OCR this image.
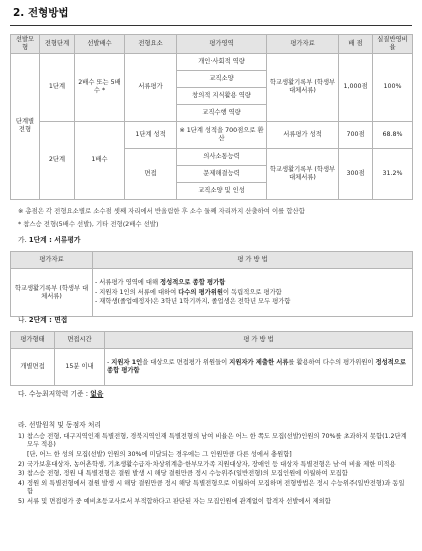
2. 전형방법
선발모형	전형단계	선발배수	전형요소	평가영역	평가자료	배 점	실질반영비율
단계별 전형	1단계	2배수 또는 5배수 *	서류평가	개인·사회적 역량	학교생활기록부 (학생부 대체서류)	1,000점	100%
				교직소양			
				창의적 지식활용 역량			
				교직수행 역량			
	2단계	1배수	1단계 성적	※ 1단계 성적을 700점으로 환산	서류평가 성적	700점	68.8%
			면접	의사소통능력	학교생활기록부 (학생부 대체서류)	300점	31.2%
				문제해결능력			
				교직소양 및 인성			
※ 총점은 각 전형요소별로 소수점 셋째 자리에서 반올림한 후 소수 둘째 자리까지 산출하여 이를 합산함
* 참스승 전형(5배수 선발), 기타 전형(2배수 선발)
가. 1단계 : 서류평가
평가자료	평 가 방 법
학교생활기록부 (학생부 대체서류)	- 서류평가 영역에 대해 정성적으로 종합 평가함
- 지원자 1인의 서류에 대하여 다수의 평가위원이 독립적으로 평가함
- 재학생(졸업예정자)은 3학년 1학기까지, 졸업생은 전학년 모두 평가함
나. 2단계 : 면접
평가형태	면접시간	평 가 방 법
개별면접	15분 이내	- 지원자 1인을 대상으로 면접평가 위원들이 지원자가 제출한 서류를 활용하여 다수의 평가위원이 정성적으로 종합 평가함
다. 수능최저학력 기준 : 없음
라. 선발원칙 및 동점자 처리
1) 참스승 전형, 대구지역인재 특별전형, 경북지역인재 특별전형의 남여 비율은 어느 한 쪽도 모집(선발)인원의 70%를 초과하지 못함(1.2단계 모두 적용)
[단, 어느 한 성의 모집(선발) 인원의 30%에 미달되는 경우에는 그 인원만큼 다른 성에서 충원함]
2) 국가보훈대상자, 농어촌학생, 기초생활수급자·차상위계층·한부모가족 지원대상자, 장애인 등 대상자 특별전형은 남·여 비율 제한 미적용
3) 참스승 전형, 정원 내 특별전형은 결원 발생 시 해당 결원만큼 정시 수능위주(일반전형)의 모집인원에 이월하여 모집함
4) 정원 외 특별전형에서 결원 발생 시 해당 결원만큼 정시 해당 특별전형으로 이월하여 모집하며 전형방법은 정시 수능위주(일반전형)과 동일함
5) 서류 및 면접평가 중 예비초등교사로서 부적합하다고 판단된 자는 모집인원에 관계없이 합격자 선발에서 제외함
